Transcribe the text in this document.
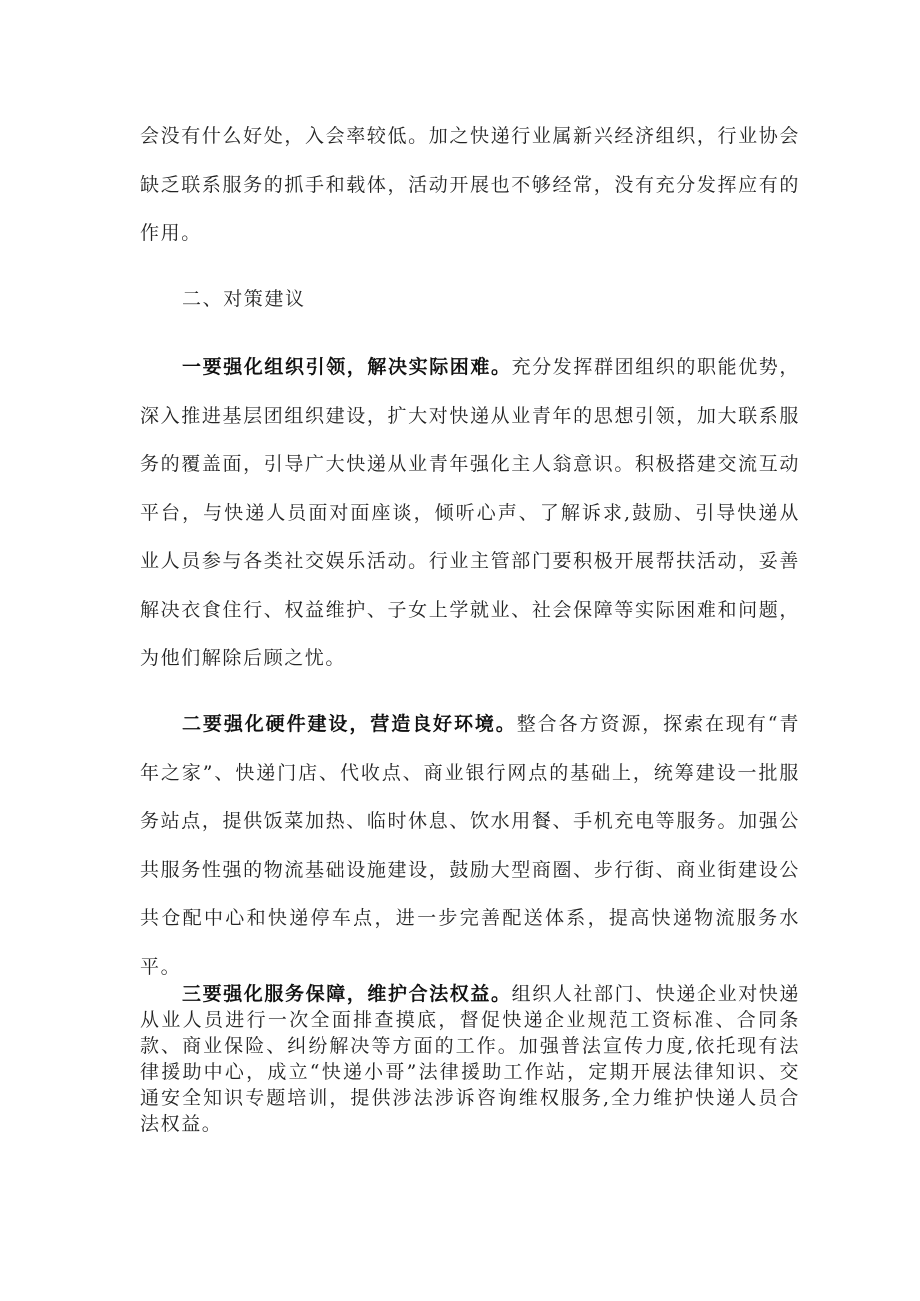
会没有什么好处，入会率较低。加之快递行业属新兴经济组织，行业协会缺乏联系服务的抓手和载体，活动开展也不够经常，没有充分发挥应有的作用。

二、对策建议

一要强化组织引领，解决实际困难。充分发挥群团组织的职能优势，深入推进基层团组织建设，扩大对快递从业青年的思想引领，加大联系服务的覆盖面，引导广大快递从业青年强化主人翁意识。积极搭建交流互动平台，与快递人员面对面座谈，倾听心声、了解诉求,鼓励、引导快递从业人员参与各类社交娱乐活动。行业主管部门要积极开展帮扶活动，妥善解决衣食住行、权益维护、子女上学就业、社会保障等实际困难和问题，为他们解除后顾之忧。

二要强化硬件建设，营造良好环境。整合各方资源，探索在现有“青年之家”、快递门店、代收点、商业银行网点的基础上，统筹建设一批服务站点，提供饭菜加热、临时休息、饮水用餐、手机充电等服务。加强公共服务性强的物流基础设施建设，鼓励大型商圈、步行街、商业街建设公共仓配中心和快递停车点，进一步完善配送体系，提高快递物流服务水平。

三要强化服务保障，维护合法权益。组织人社部门、快递企业对快递从业人员进行一次全面排查摸底，督促快递企业规范工资标准、合同条款、商业保险、纠纷解决等方面的工作。加强普法宣传力度,依托现有法律援助中心，成立“快递小哥”法律援助工作站，定期开展法律知识、交通安全知识专题培训，提供涉法涉诉咨询维权服务,全力维护快递人员合法权益。
